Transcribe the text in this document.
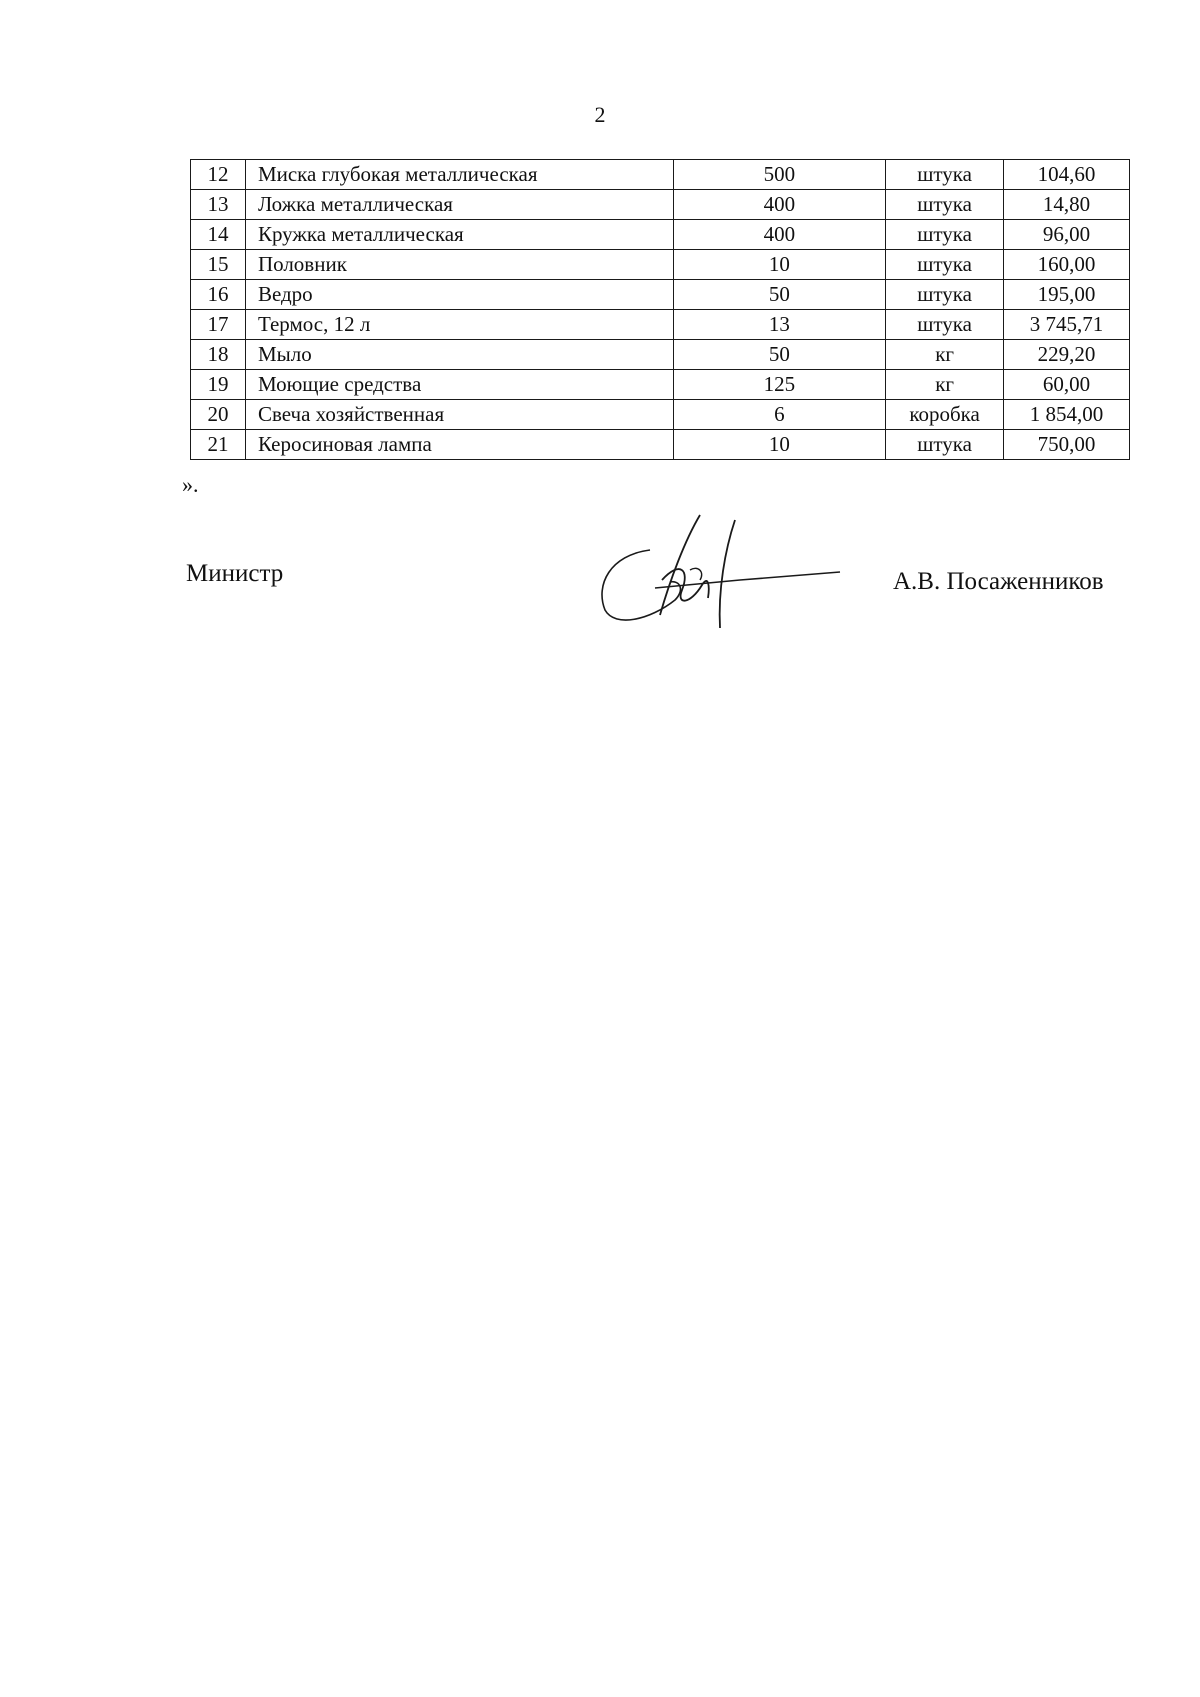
2
12	Миска глубокая металлическая	500	штука	104,60
13	Ложка металлическая	400	штука	14,80
14	Кружка металлическая	400	штука	96,00
15	Половник	10	штука	160,00
16	Ведро	50	штука	195,00
17	Термос, 12 л	13	штука	3 745,71
18	Мыло	50	кг	229,20
19	Моющие средства	125	кг	60,00
20	Свеча хозяйственная	6	коробка	1 854,00
21	Керосиновая лампа	10	штука	750,00
».
Министр	А.В. Посаженников
